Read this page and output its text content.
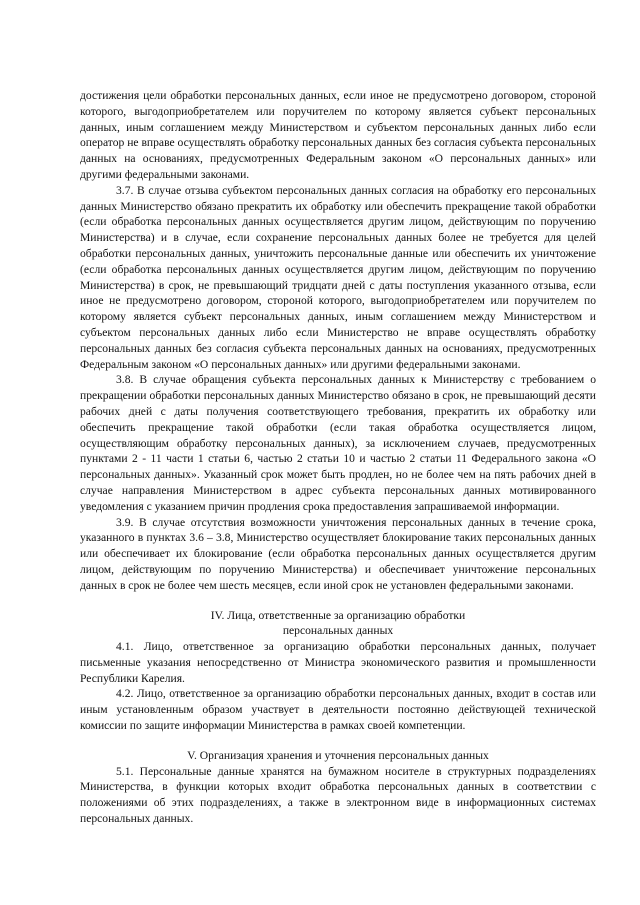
достижения цели обработки персональных данных, если иное не предусмотрено договором, стороной которого, выгодоприобретателем или поручителем по которому является субъект персональных данных, иным соглашением между Министерством и субъектом персональных данных либо если оператор не вправе осуществлять обработку персональных данных без согласия субъекта персональных данных на основаниях, предусмотренных Федеральным законом «О персональных данных» или другими федеральными законами.

3.7. В случае отзыва субъектом персональных данных согласия на обработку его персональных данных Министерство обязано прекратить их обработку или обеспечить прекращение такой обработки (если обработка персональных данных осуществляется другим лицом, действующим по поручению Министерства) и в случае, если сохранение персональных данных более не требуется для целей обработки персональных данных, уничтожить персональные данные или обеспечить их уничтожение (если обработка персональных данных осуществляется другим лицом, действующим по поручению Министерства) в срок, не превышающий тридцати дней с даты поступления указанного отзыва, если иное не предусмотрено договором, стороной которого, выгодоприобретателем или поручителем по которому является субъект персональных данных, иным соглашением между Министерством и субъектом персональных данных либо если Министерство не вправе осуществлять обработку персональных данных без согласия субъекта персональных данных на основаниях, предусмотренных Федеральным законом «О персональных данных» или другими федеральными законами.

3.8. В случае обращения субъекта персональных данных к Министерству с требованием о прекращении обработки персональных данных Министерство обязано в срок, не превышающий десяти рабочих дней с даты получения соответствующего требования, прекратить их обработку или обеспечить прекращение такой обработки (если такая обработка осуществляется лицом, осуществляющим обработку персональных данных), за исключением случаев, предусмотренных пунктами 2 - 11 части 1 статьи 6, частью 2 статьи 10 и частью 2 статьи 11 Федерального закона «О персональных данных». Указанный срок может быть продлен, но не более чем на пять рабочих дней в случае направления Министерством в адрес субъекта персональных данных мотивированного уведомления с указанием причин продления срока предоставления запрашиваемой информации.

3.9. В случае отсутствия возможности уничтожения персональных данных в течение срока, указанного в пунктах 3.6 – 3.8, Министерство осуществляет блокирование таких персональных данных или обеспечивает их блокирование (если обработка персональных данных осуществляется другим лицом, действующим по поручению Министерства) и обеспечивает уничтожение персональных данных в срок не более чем шесть месяцев, если иной срок не установлен федеральными законами.

IV. Лица, ответственные за организацию обработки

персональных данных

4.1. Лицо, ответственное за организацию обработки персональных данных, получает письменные указания непосредственно от Министра экономического развития и промышленности Республики Карелия.

4.2. Лицо, ответственное за организацию обработки персональных данных, входит в состав или иным установленным образом участвует в деятельности постоянно действующей технической комиссии по защите информации Министерства в рамках своей компетенции.

V. Организация хранения и уточнения персональных данных

5.1. Персональные данные хранятся на бумажном носителе в структурных подразделениях Министерства, в функции которых входит обработка персональных данных в соответствии с положениями об этих подразделениях, а также в электронном виде в информационных системах персональных данных.
